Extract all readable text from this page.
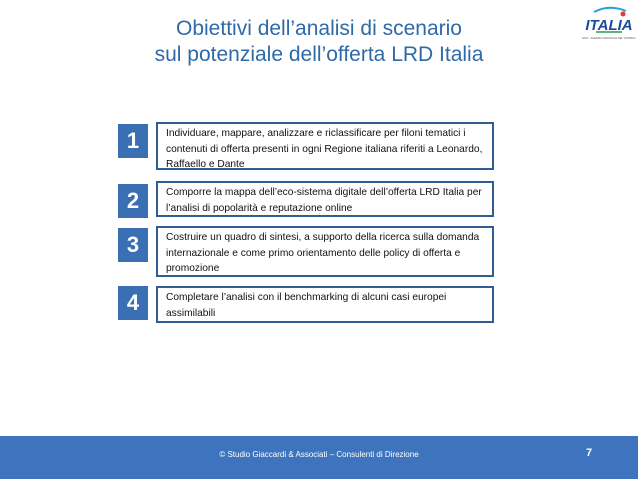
Obiettivi dell’analisi di scenario
sul potenziale dell’offerta LRD Italia
ITALIA
ENIT - AGENZIA NAZIONALE DEL TURISMO
1	Individuare, mappare, analizzare e riclassificare per filoni tematici i contenuti di offerta presenti in ogni Regione italiana riferiti a Leonardo, Raffaello e Dante
2	Comporre la mappa dell’eco-sistema digitale dell’offerta LRD Italia per l’analisi di popolarità e reputazione online
3	Costruire un quadro di sintesi, a supporto della ricerca sulla domanda internazionale e come primo orientamento delle policy di offerta e promozione
4	Completare l’analisi con il benchmarking di alcuni casi europei assimilabili
© Studio Giaccardi & Associati – Consulenti di Direzione	7
